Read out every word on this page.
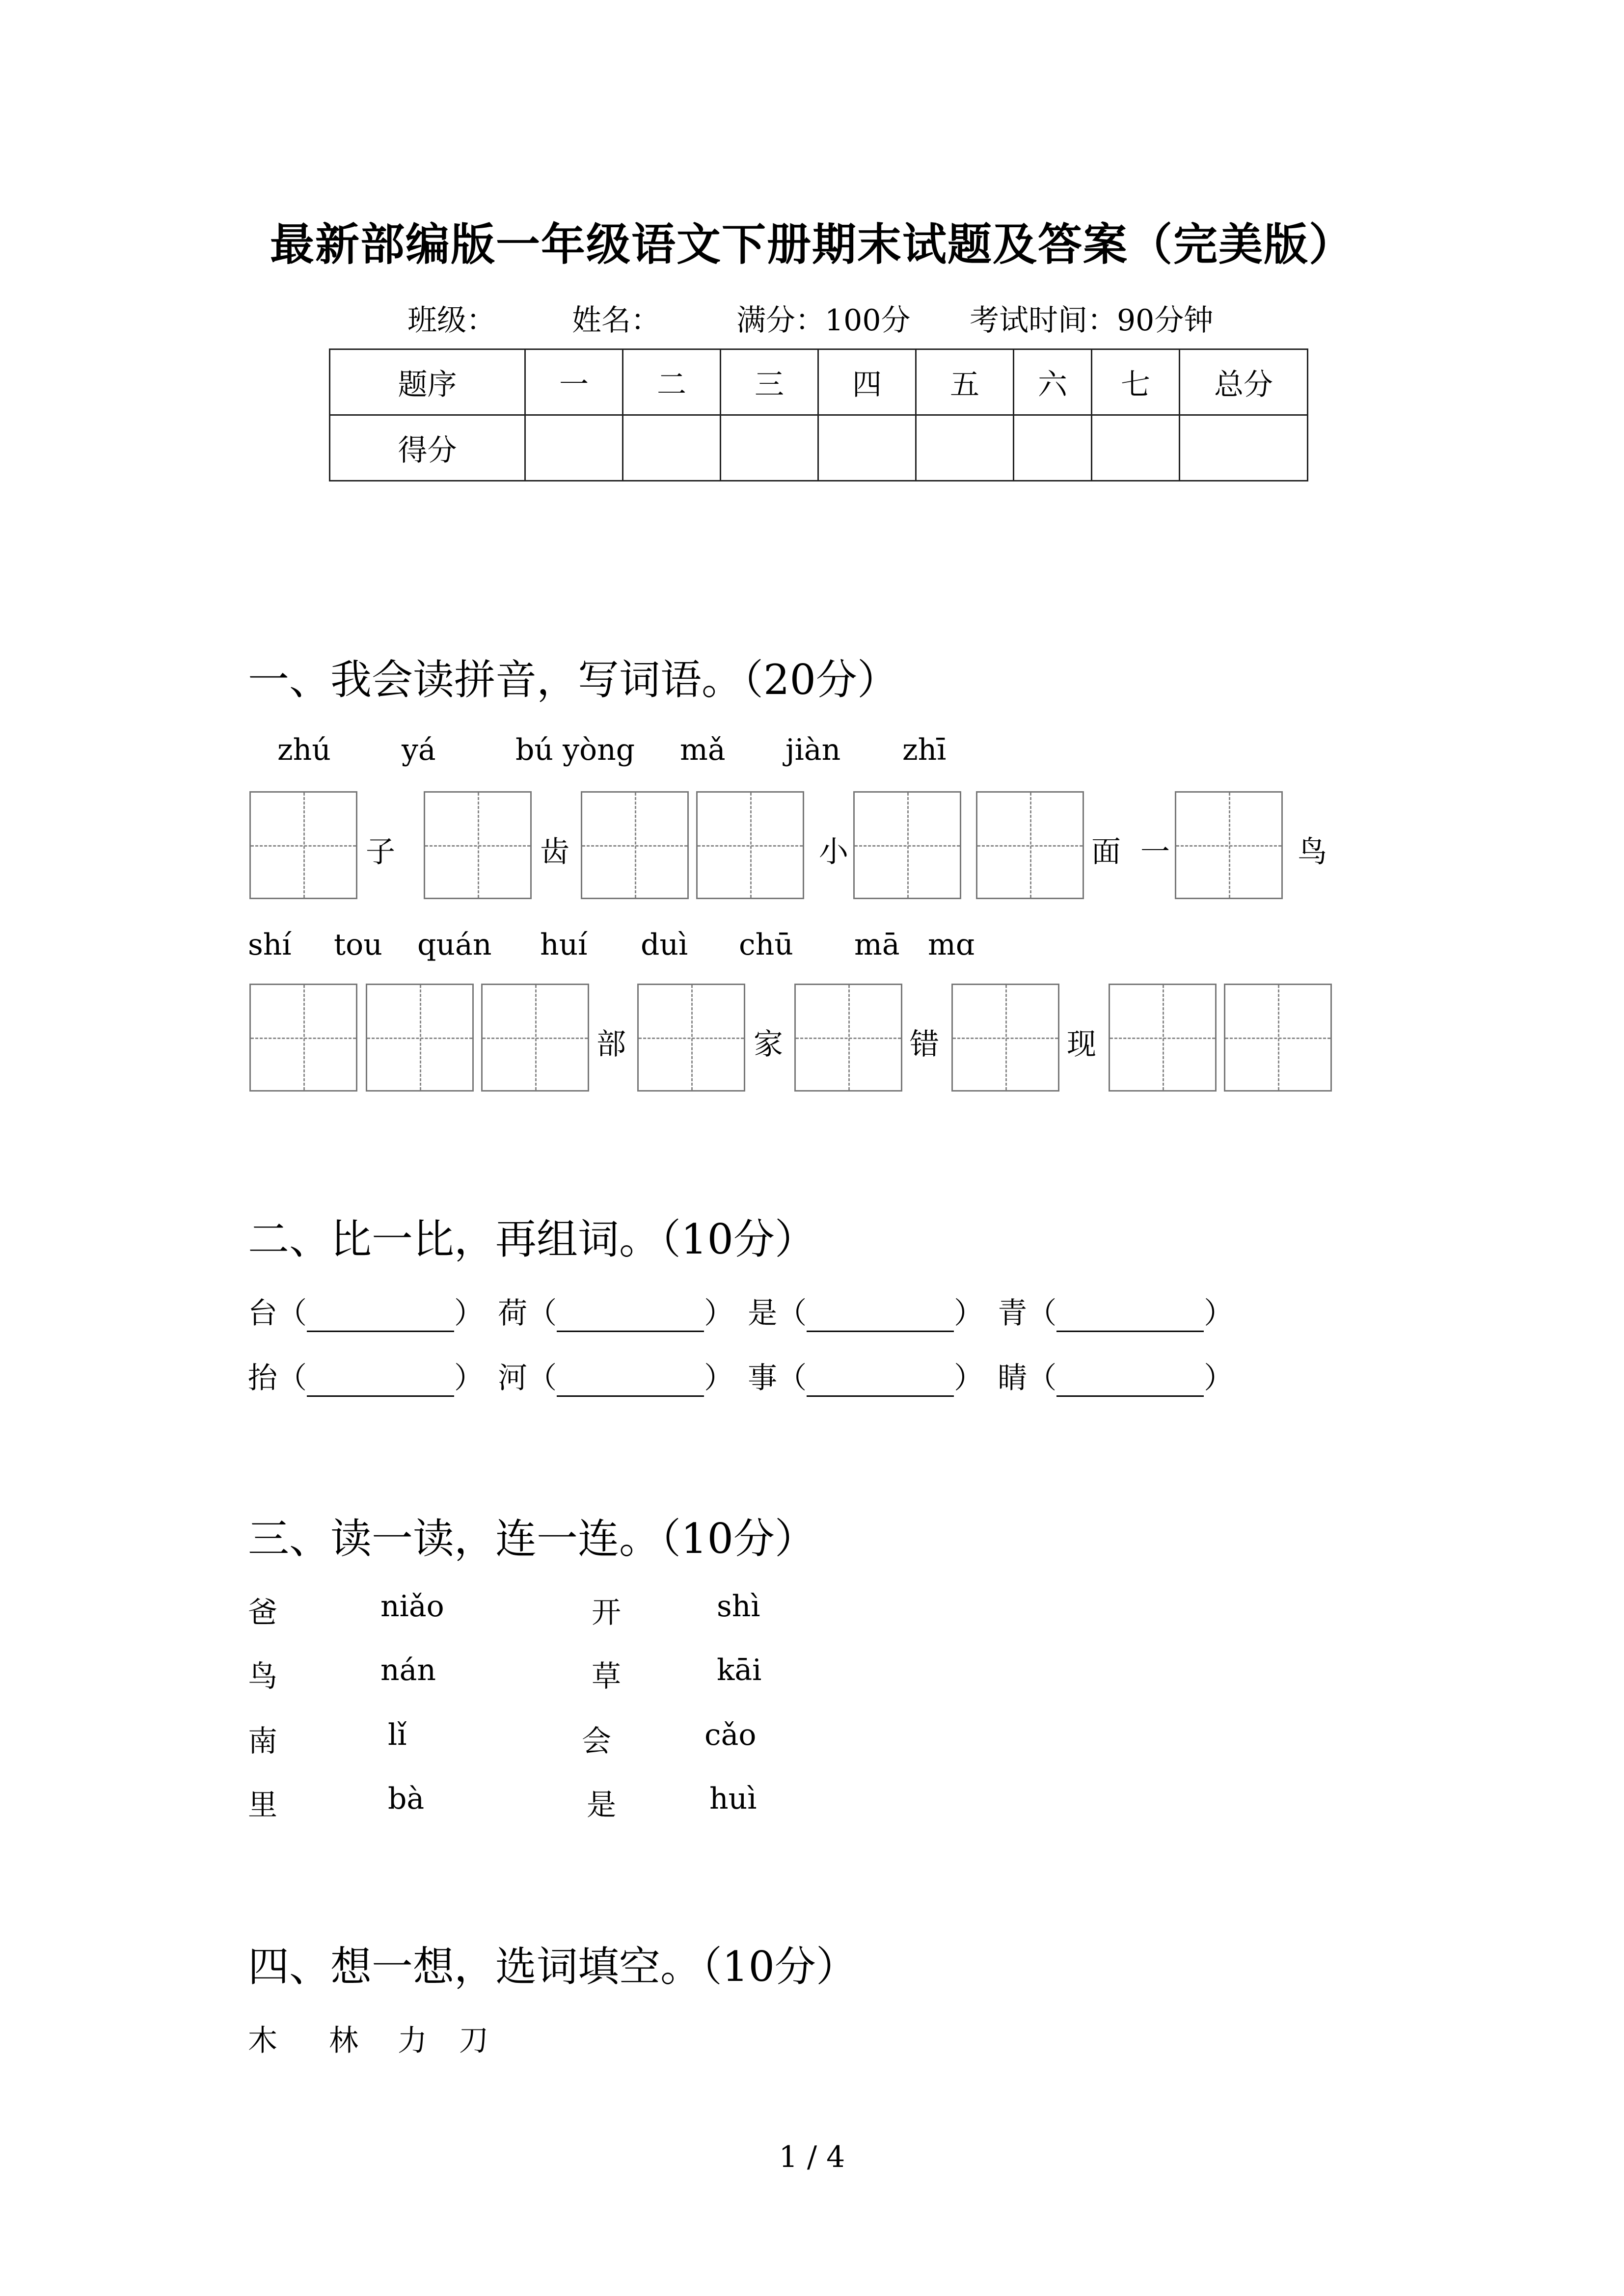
最新部编版一年级语文下册期末试题及答案（完美版）
班级：	姓名：	满分：100分 考试时间：90分钟
题序	一	二	三	四	五	六	七	总分
得分								
一、我会读拼音，写词语。（20分）
zhú yá	bú yòng mǎ jiàn zhī
子	齿	小	面 一	鸟
shí tou quán huí duì chū mā mɑ
部	家	错	现
二、比一比，再组词。（10分）
台（	） 荷（	） 是（	） 青（	）
抬（	） 河（	） 事（	） 睛（	）
三、读一读，连一连。（10分）
爸	niǎo	开	shì
鸟	nán	草	kāi
南	lǐ	会	cǎo
里	bà	是	huì
四、想一想，选词填空。（10分）
木 林 力 刀
1 / 4
